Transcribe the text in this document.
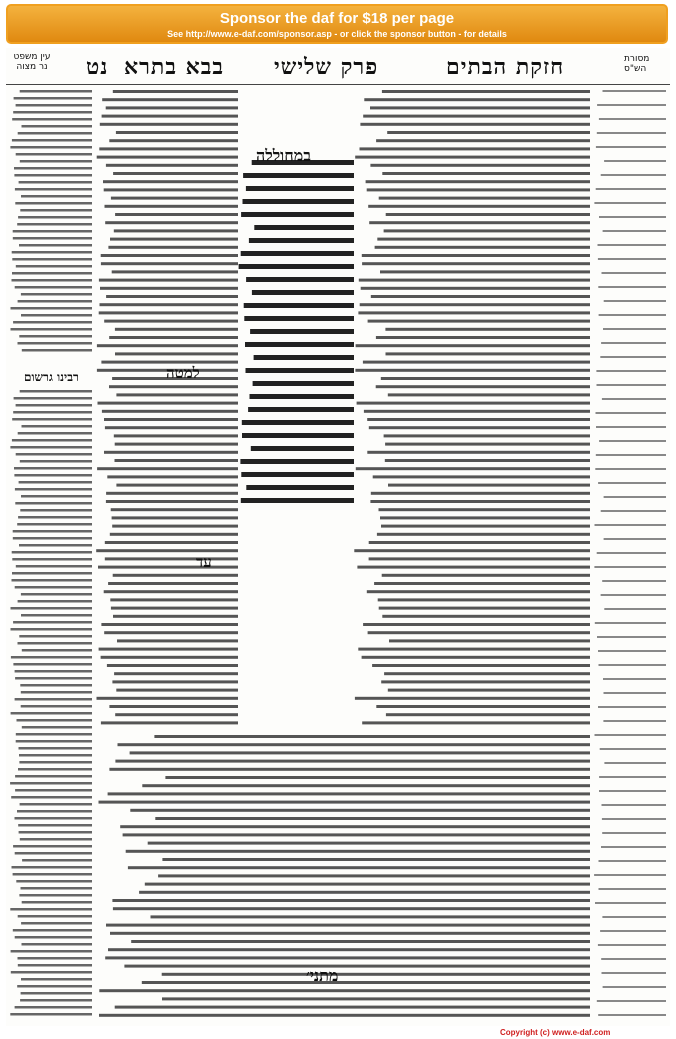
Sponsor the daf for $18 per page
See http://www.e-daf.com/sponsor.asp - or click the sponsor button - for details
מסורת הש"ס
חזקת הבתים
פרק שלישי
בבא בתרא
נט
עין משפט נר מצוה
במחוללה
מתני׳
רבינו גרשום	למטה
עד
Copyright (c) www.e-daf.com
